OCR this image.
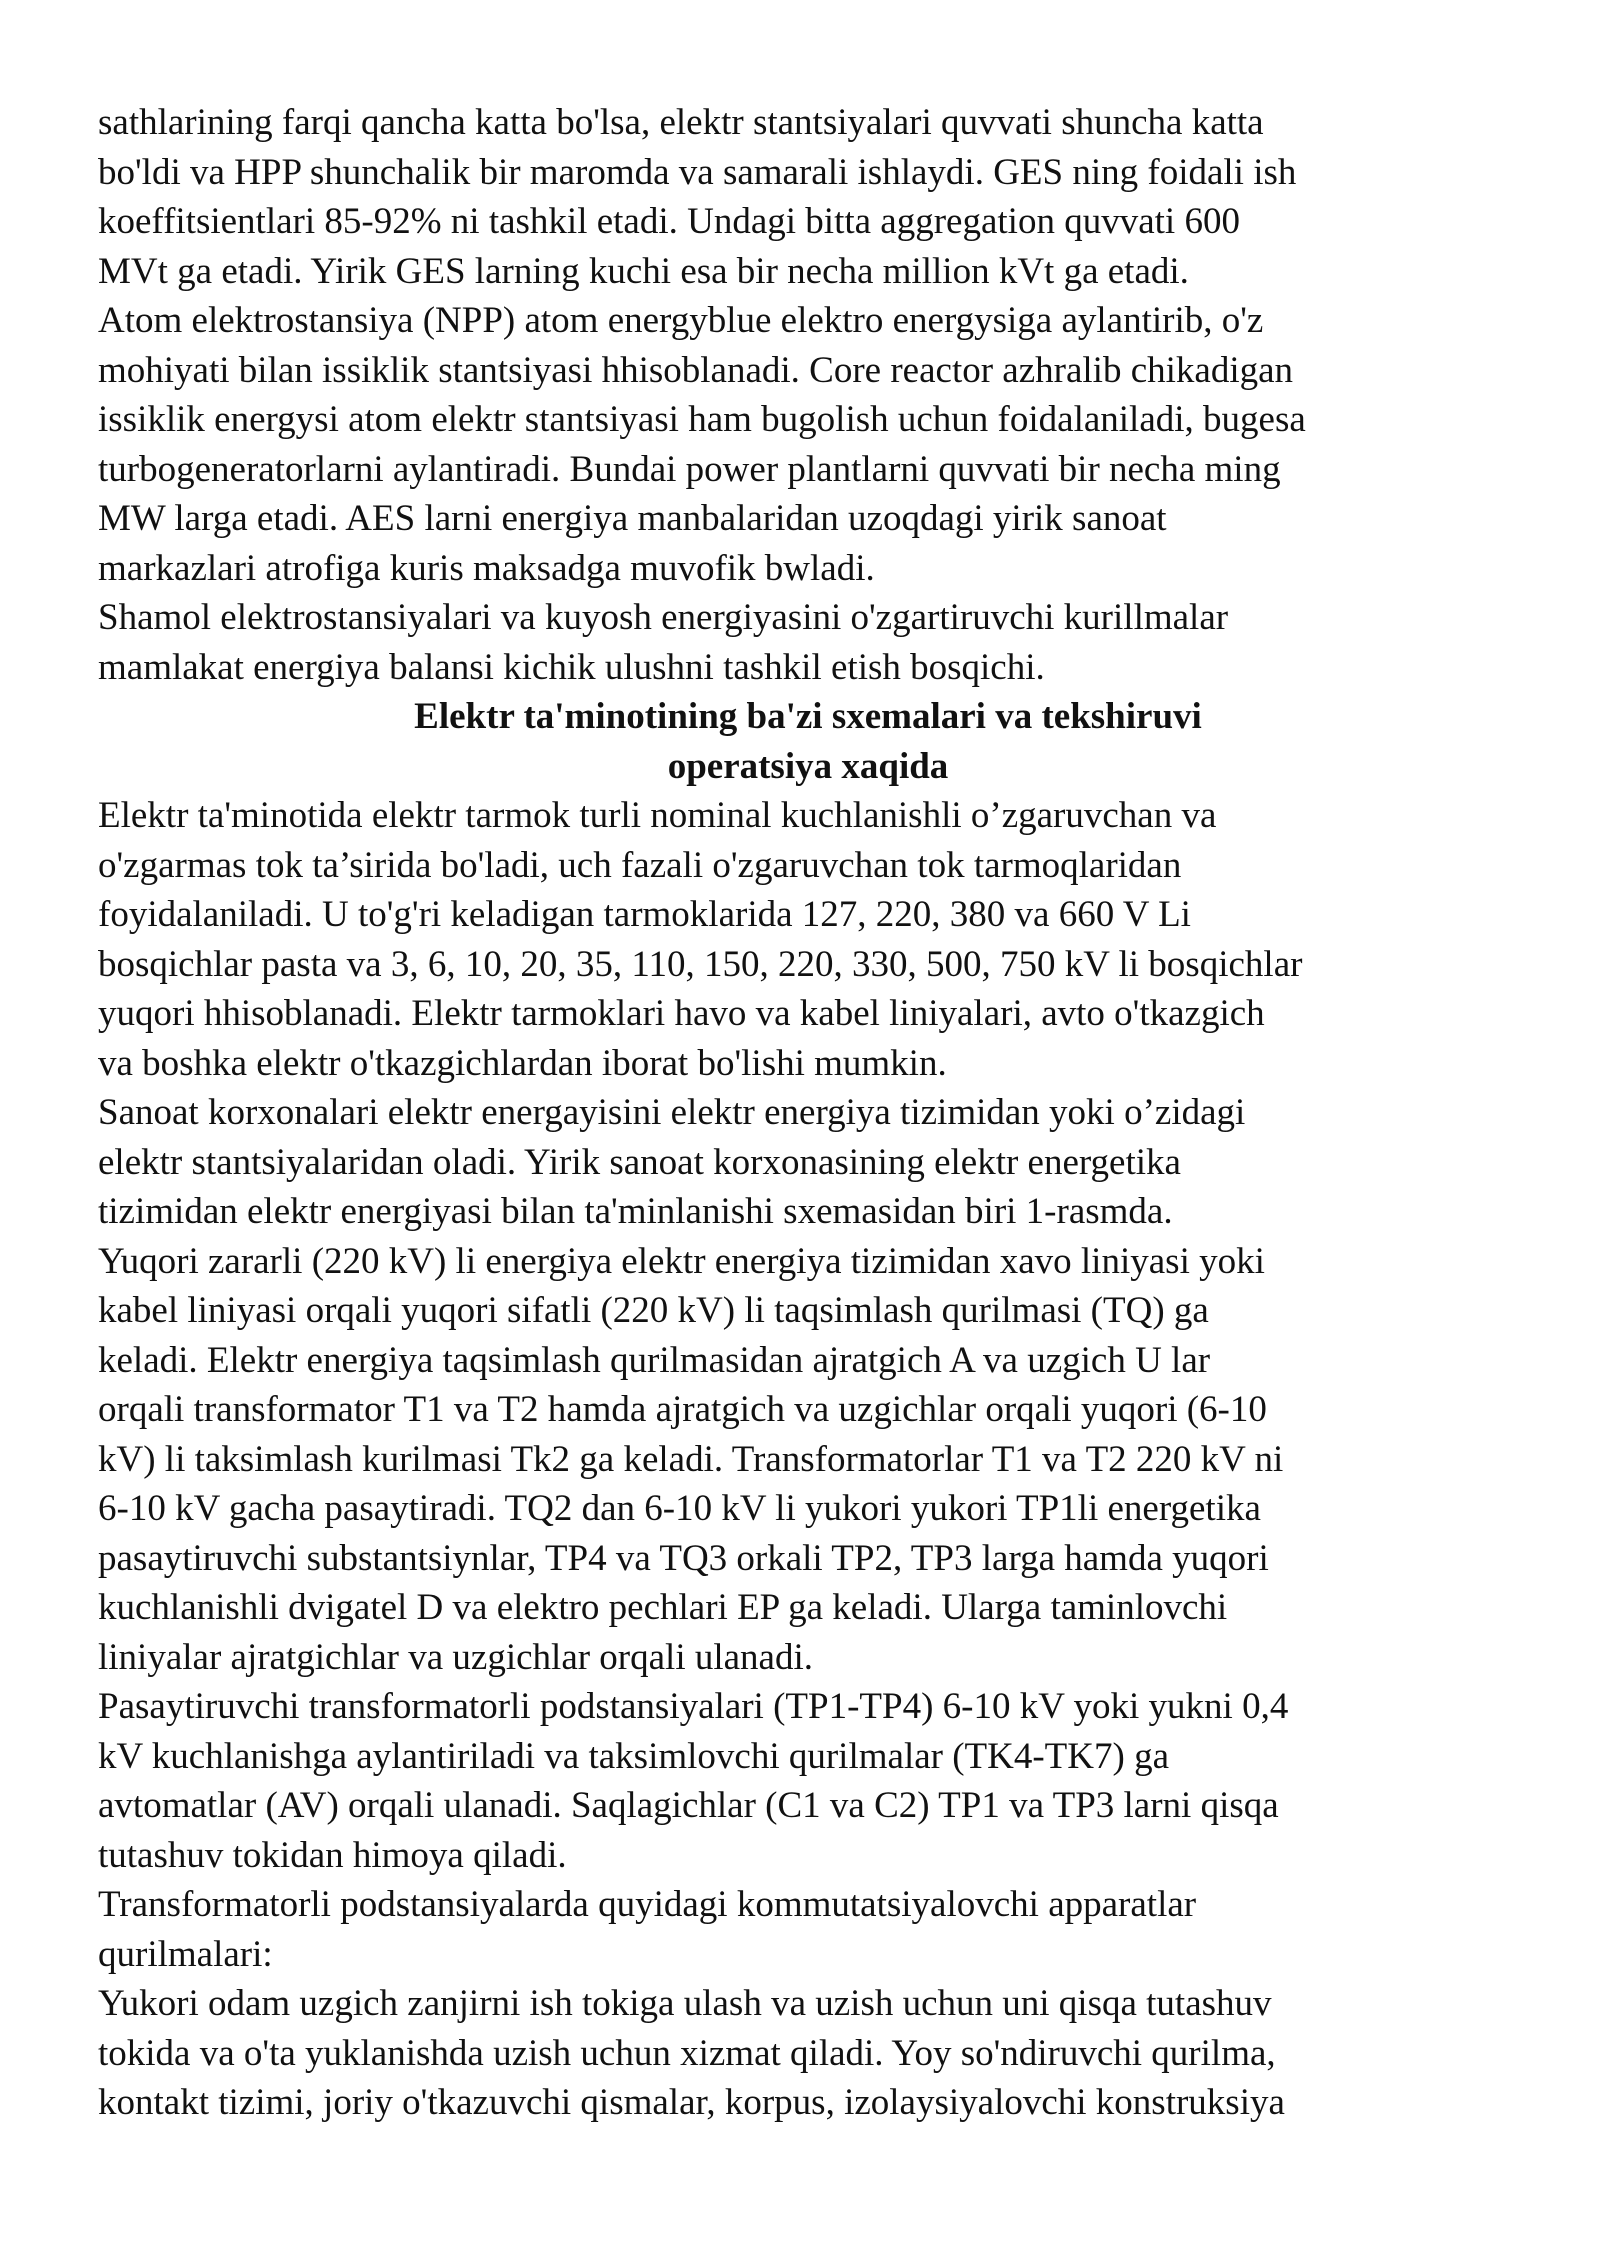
sathlarining farqi qancha katta bo'lsa, elektr stantsiyalari quvvati shuncha katta
bo'ldi va HPP shunchalik bir maromda va samarali ishlaydi. GES ning foidali ish
koeffitsientlari 85-92% ni tashkil etadi. Undagi bitta aggregation quvvati 600
MVt ga etadi. Yirik GES larning kuchi esa bir necha million kVt ga etadi.
Atom elektrostansiya (NPP) atom energyblue elektro energysiga aylantirib, o'z
mohiyati bilan issiklik stantsiyasi hhisoblanadi. Core reactor azhralib chikadigan
issiklik energysi atom elektr stantsiyasi ham bugolish uchun foidalaniladi, bugesa
turbogeneratorlarni aylantiradi. Bundai power plantlarni quvvati bir necha ming
MW larga etadi. AES larni energiya manbalaridan uzoqdagi yirik sanoat
markazlari atrofiga kuris maksadga muvofik bwladi.
Shamol elektrostansiyalari va kuyosh energiyasini o'zgartiruvchi kurillmalar
mamlakat energiya balansi kichik ulushni tashkil etish bosqichi.
Elektr ta'minotining ba'zi sxemalari va tekshiruvi
operatsiya xaqida
Elektr ta'minotida elektr tarmok turli nominal kuchlanishli o’zgaruvchan va
o'zgarmas tok ta’sirida bo'ladi, uch fazali o'zgaruvchan tok tarmoqlaridan
foyidalaniladi. U to'g'ri keladigan tarmoklarida 127, 220, 380 va 660 V Li
bosqichlar pasta va 3, 6, 10, 20, 35, 110, 150, 220, 330, 500, 750 kV li bosqichlar
yuqori hhisoblanadi. Elektr tarmoklari havo va kabel liniyalari, avto o'tkazgich
va boshka elektr o'tkazgichlardan iborat bo'lishi mumkin.
Sanoat korxonalari elektr energayisini elektr energiya tizimidan yoki o’zidagi
elektr stantsiyalaridan oladi. Yirik sanoat korxonasining elektr energetika
tizimidan elektr energiyasi bilan ta'minlanishi sxemasidan biri 1-rasmda.
Yuqori zararli (220 kV) li energiya elektr energiya tizimidan xavo liniyasi yoki
kabel liniyasi orqali yuqori sifatli (220 kV) li taqsimlash qurilmasi (TQ) ga
keladi. Elektr energiya taqsimlash qurilmasidan ajratgich A va uzgich U lar
orqali transformator T1 va T2 hamda ajratgich va uzgichlar orqali yuqori (6-10
kV) li taksimlash kurilmasi Tk2 ga keladi. Transformatorlar T1 va T2 220 kV ni
6-10 kV gacha pasaytiradi. TQ2 dan 6-10 kV li yukori yukori TP1li energetika
pasaytiruvchi substantsiynlar, TP4 va TQ3 orkali TP2, TP3 larga hamda yuqori
kuchlanishli dvigatel D va elektro pechlari EP ga keladi. Ularga taminlovchi
liniyalar ajratgichlar va uzgichlar orqali ulanadi.
Pasaytiruvchi transformatorli podstansiyalari (TP1-TP4) 6-10 kV yoki yukni 0,4
kV kuchlanishga aylantiriladi va taksimlovchi qurilmalar (TK4-TK7) ga
avtomatlar (AV) orqali ulanadi. Saqlagichlar (C1 va C2) TP1 va TP3 larni qisqa
tutashuv tokidan himoya qiladi.
Transformatorli podstansiyalarda quyidagi kommutatsiyalovchi apparatlar
qurilmalari:
Yukori odam uzgich zanjirni ish tokiga ulash va uzish uchun uni qisqa tutashuv
tokida va o'ta yuklanishda uzish uchun xizmat qiladi. Yoy so'ndiruvchi qurilma,
kontakt tizimi, joriy o'tkazuvchi qismalar, korpus, izolaysiyalovchi konstruksiya
